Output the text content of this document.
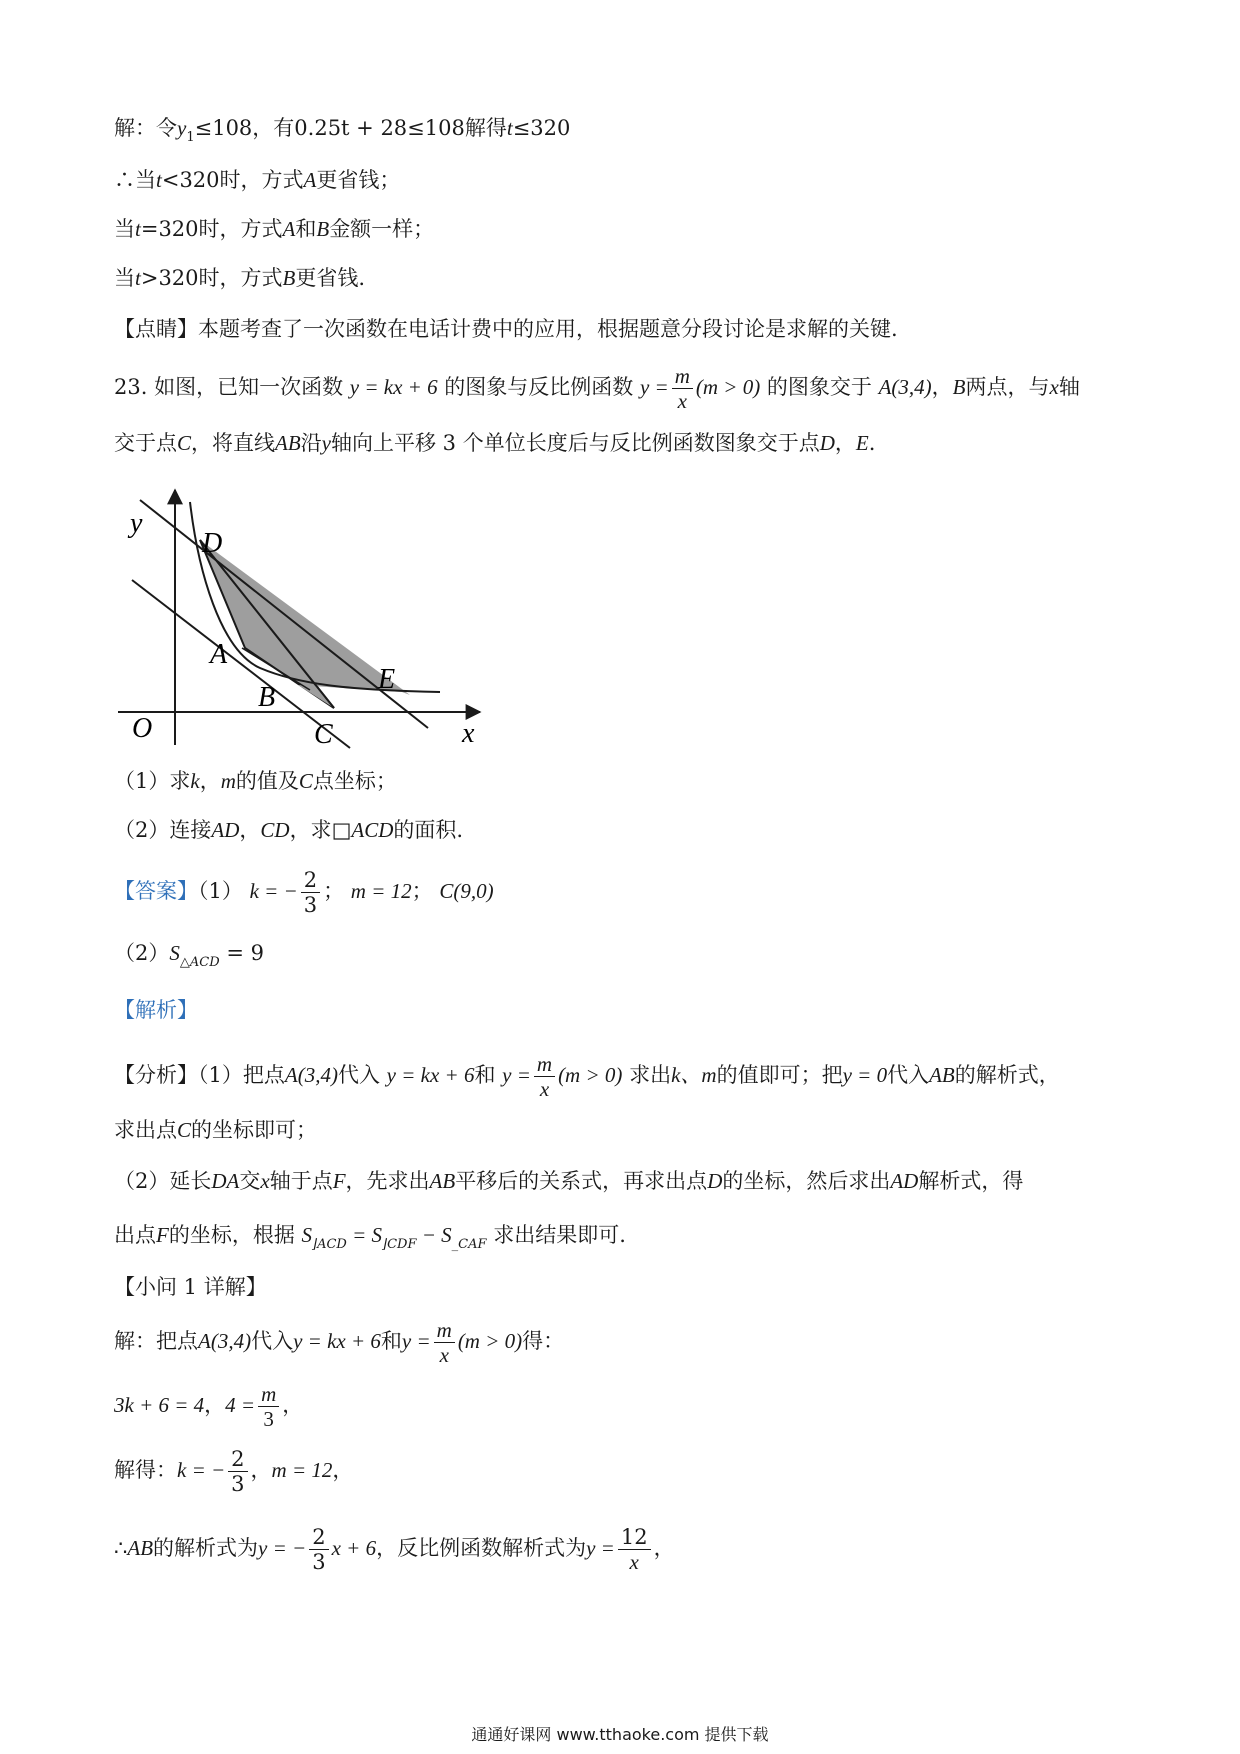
解：令$y_1\le 108$，有0.25t + 28≤108解得t≤320
∴当t<320时，方式A更省钱；
当t=320时，方式A和B金额一样；
当t>320时，方式B更省钱.
【点睛】本题考查了一次函数在电话计费中的应用，根据题意分段讨论是求解的关键.
23. 如图，已知一次函数 y = kx + 6 的图象与反比例函数 $y = \frac{m}{x} (m > 0)$ 的图象交于 A(3,4)，B两点，与x轴
交于点C，将直线AB沿y轴向上平移 3 个单位长度后与反比例函数图象交于点D，E.
y
x
O
D
A
B
C
E
（1）求k，m的值及C点坐标；
（2）连接AD，CD，求□ACD的面积.
【答案】（1） k = − $\frac{2}{3}$ ； m = 12； C(9,0)
$(2)S_{\triangle ACD} = 9$
【解析】
【分析】（1）把点A(3,4)代入 y = kx + 6和 $y = \frac{m}{x} (m > 0)$ 求出k、m的值即可；把y = 0代入AB的解析式，
求出点C的坐标即可；
（2）延长DA交x轴于点F，先求出AB平移后的关系式，再求出点D的坐标，然后求出AD解析式，得
出点F的坐标，根据 $S_{⌋ACD} = S_{⌋CDF} - S_{\_CAF}$ 求出结果即可.
【小问 1 详解】
解：把点A(3,4)代入y = kx + 6和$y = \frac{m}{x} (m > 0)$得：
3k + 6 = 4，$4 = \frac{m}{3}$ ，
解得：k = − $\frac{2}{3}$ ，m = 12，
∴AB的解析式为y = − $\frac{2}{3}$ x + 6，反比例函数解析式为$y = \frac{12}{x}$ ，
通通好课网 www.tthaoke.com 提供下载
